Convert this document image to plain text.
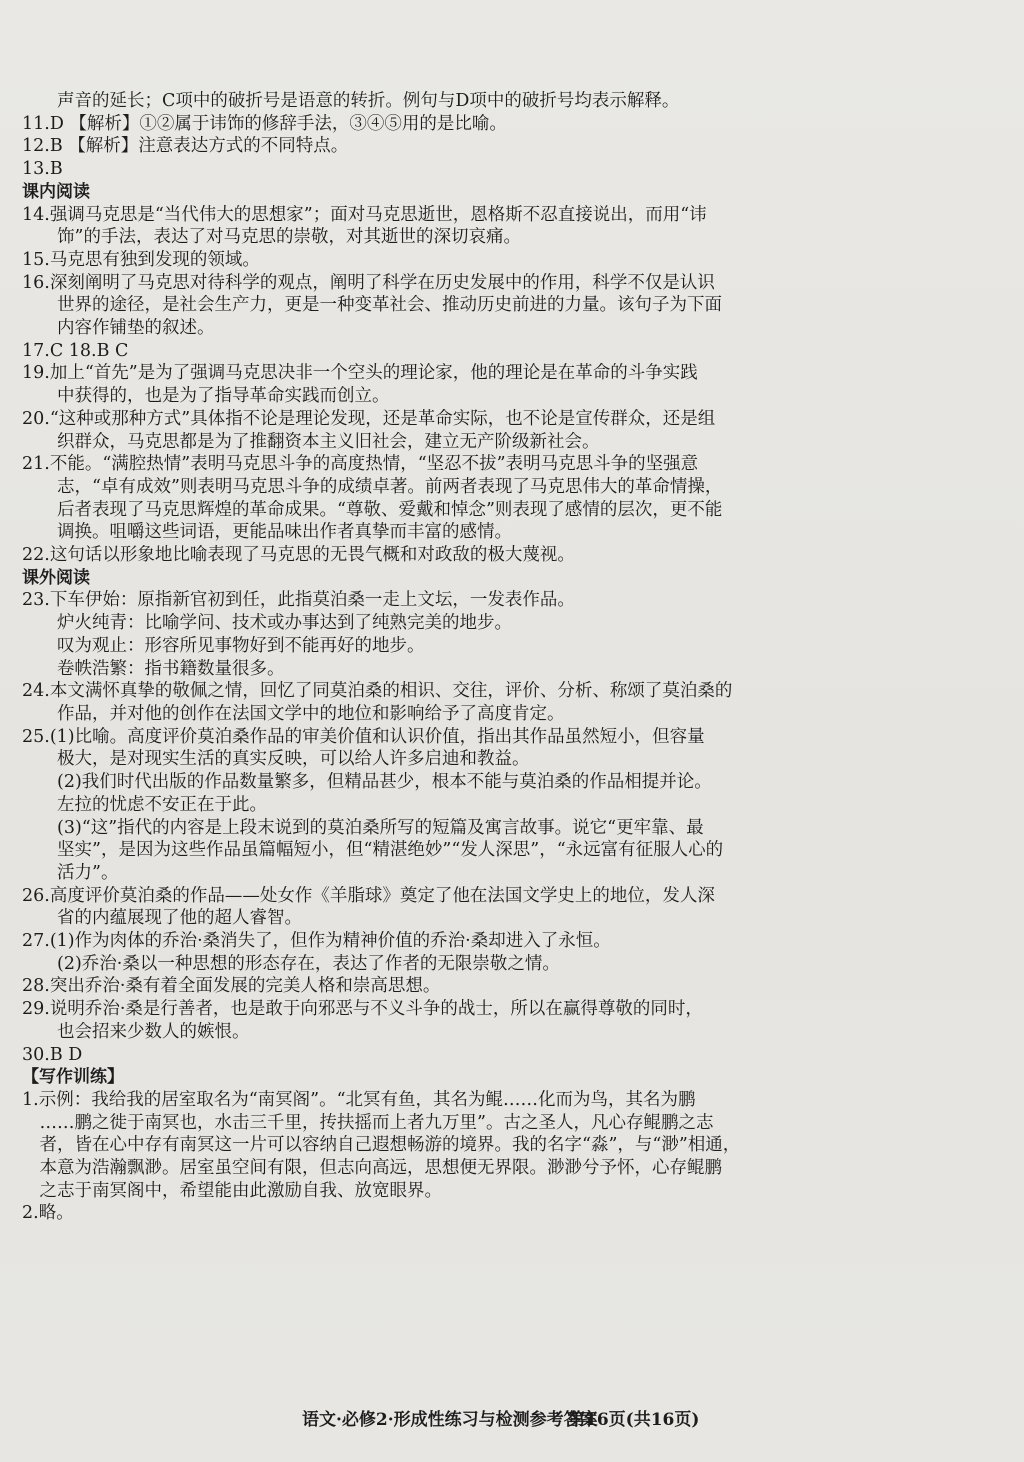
　　声音的延长；C项中的破折号是语意的转折。例句与D项中的破折号均表示解释。
11.D 【解析】①②属于讳饰的修辞手法，③④⑤用的是比喻。
12.B 【解析】注意表达方式的不同特点。
13.B
课内阅读
14.强调马克思是“当代伟大的思想家”；面对马克思逝世，恩格斯不忍直接说出，而用“讳
　　饰”的手法，表达了对马克思的崇敬，对其逝世的深切哀痛。
15.马克思有独到发现的领域。
16.深刻阐明了马克思对待科学的观点，阐明了科学在历史发展中的作用，科学不仅是认识
　　世界的途径，是社会生产力，更是一种变革社会、推动历史前进的力量。该句子为下面
　　内容作铺垫的叙述。
17.C 18.B C
19.加上“首先”是为了强调马克思决非一个空头的理论家，他的理论是在革命的斗争实践
　　中获得的，也是为了指导革命实践而创立。
20.“这种或那种方式”具体指不论是理论发现，还是革命实际，也不论是宣传群众，还是组
　　织群众，马克思都是为了推翻资本主义旧社会，建立无产阶级新社会。
21.不能。“满腔热情”表明马克思斗争的高度热情，“坚忍不拔”表明马克思斗争的坚强意
　　志，“卓有成效”则表明马克思斗争的成绩卓著。前两者表现了马克思伟大的革命情操，
　　后者表现了马克思辉煌的革命成果。“尊敬、爱戴和悼念”则表现了感情的层次，更不能
　　调换。咀嚼这些词语，更能品味出作者真挚而丰富的感情。
22.这句话以形象地比喻表现了马克思的无畏气概和对政敌的极大蔑视。
课外阅读
23.下车伊始：原指新官初到任，此指莫泊桑一走上文坛，一发表作品。
　　炉火纯青：比喻学问、技术或办事达到了纯熟完美的地步。
　　叹为观止：形容所见事物好到不能再好的地步。
　　卷帙浩繁：指书籍数量很多。
24.本文满怀真挚的敬佩之情，回忆了同莫泊桑的相识、交往，评价、分析、称颂了莫泊桑的
　　作品，并对他的创作在法国文学中的地位和影响给予了高度肯定。
25.(1)比喻。高度评价莫泊桑作品的审美价值和认识价值，指出其作品虽然短小，但容量
　　极大，是对现实生活的真实反映，可以给人许多启迪和教益。
　　(2)我们时代出版的作品数量繁多，但精品甚少，根本不能与莫泊桑的作品相提并论。
　　左拉的忧虑不安正在于此。
　　(3)“这”指代的内容是上段末说到的莫泊桑所写的短篇及寓言故事。说它“更牢靠、最
　　坚实”，是因为这些作品虽篇幅短小，但“精湛绝妙”“发人深思”，“永远富有征服人心的
　　活力”。
26.高度评价莫泊桑的作品——处女作《羊脂球》奠定了他在法国文学史上的地位，发人深
　　省的内蕴展现了他的超人睿智。
27.(1)作为肉体的乔治·桑消失了，但作为精神价值的乔治·桑却进入了永恒。
　　(2)乔治·桑以一种思想的形态存在，表达了作者的无限崇敬之情。
28.突出乔治·桑有着全面发展的完美人格和崇高思想。
29.说明乔治·桑是行善者，也是敢于向邪恶与不义斗争的战士，所以在赢得尊敬的同时，
　　也会招来少数人的嫉恨。
30.B D
【写作训练】
1.示例：我给我的居室取名为“南冥阁”。“北冥有鱼，其名为鲲……化而为鸟，其名为鹏
　……鹏之徙于南冥也，水击三千里，抟扶摇而上者九万里”。古之圣人，凡心存鲲鹏之志
　者，皆在心中存有南冥这一片可以容纳自己遐想畅游的境界。我的名字“淼”，与“渺”相通，
　本意为浩瀚飘渺。居室虽空间有限，但志向高远，思想便无界限。渺渺兮予怀，心存鲲鹏
　之志于南冥阁中，希望能由此激励自我、放宽眼界。
2.略。
语文·必修2·形成性练习与检测参考答案
第16页(共16页)
